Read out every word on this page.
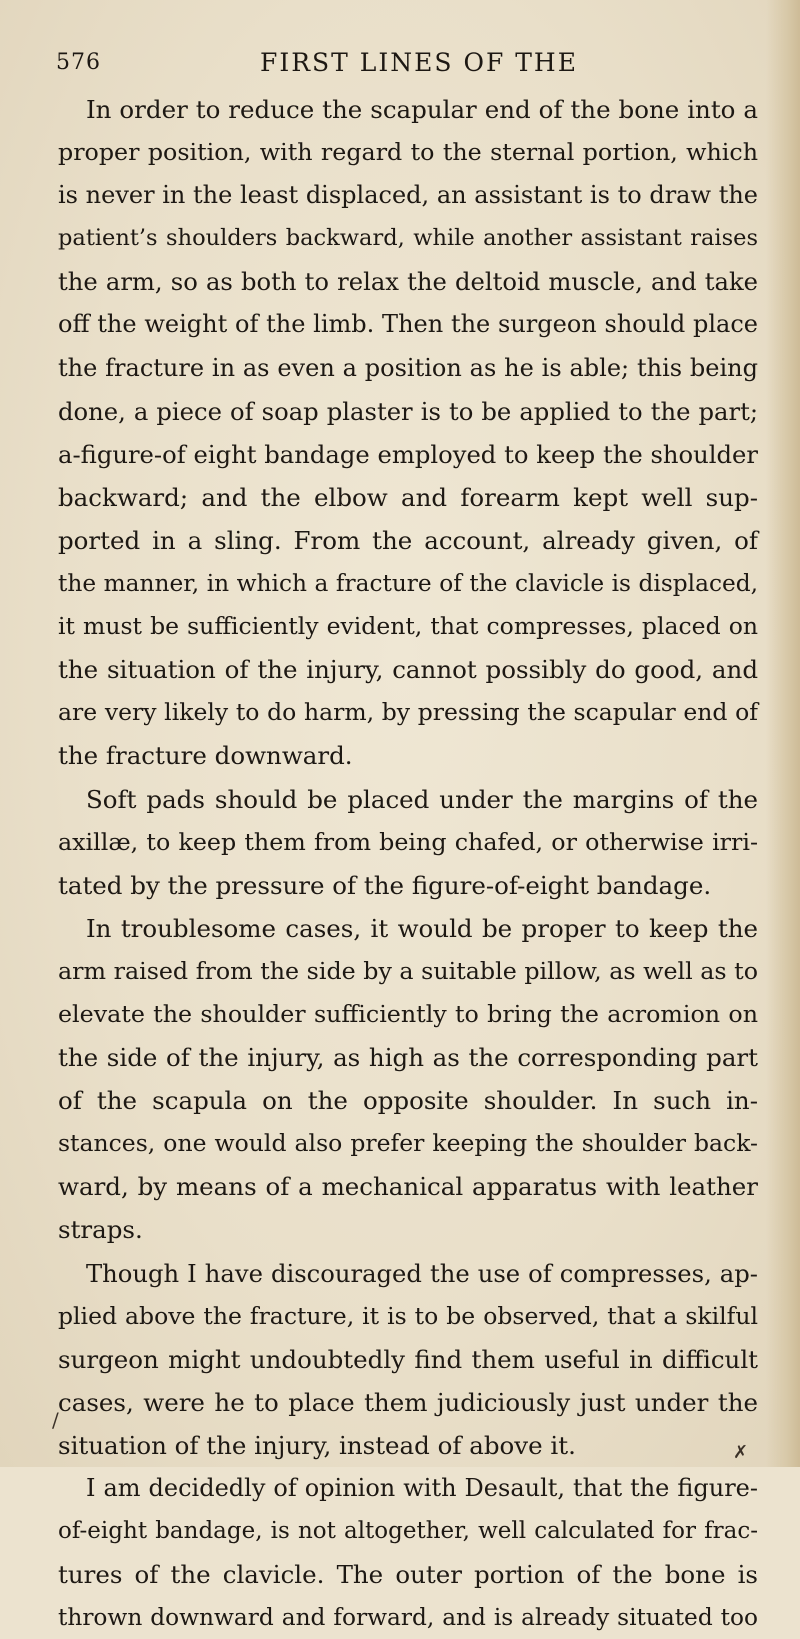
576	FIRST LINES OF THE
In order to reduce the scapular end of the bone into a
proper position, with regard to the sternal portion, which
is never in the least displaced, an assistant is to draw the
patient’s shoulders backward, while another assistant raises
the arm, so as both to relax the deltoid muscle, and take
off the weight of the limb. Then the surgeon should place
the fracture in as even a position as he is able; this being
done, a piece of soap plaster is to be applied to the part;
a-figure-of eight bandage employed to keep the shoulder
backward; and the elbow and forearm kept well sup-
ported in a sling. From the account, already given, of
the manner, in which a fracture of the clavicle is displaced,
it must be sufficiently evident, that compresses, placed on
the situation of the injury, cannot possibly do good, and
are very likely to do harm, by pressing the scapular end of
the fracture downward.
Soft pads should be placed under the margins of the
axillæ, to keep them from being chafed, or otherwise irri-
tated by the pressure of the figure-of-eight bandage.
In troublesome cases, it would be proper to keep the
arm raised from the side by a suitable pillow, as well as to
elevate the shoulder sufficiently to bring the acromion on
the side of the injury, as high as the corresponding part
of the scapula on the opposite shoulder. In such in-
stances, one would also prefer keeping the shoulder back-
ward, by means of a mechanical apparatus with leather
straps.
Though I have discouraged the use of compresses, ap-
plied above the fracture, it is to be observed, that a skilful
surgeon might undoubtedly find them useful in difficult
cases, were he to place them judiciously just under the
situation of the injury, instead of above it.
I am decidedly of opinion with Desault, that the figure-
of-eight bandage, is not altogether, well calculated for frac-
tures of the clavicle. The outer portion of the bone is
thrown downward and forward, and is already situated too
/
✗
